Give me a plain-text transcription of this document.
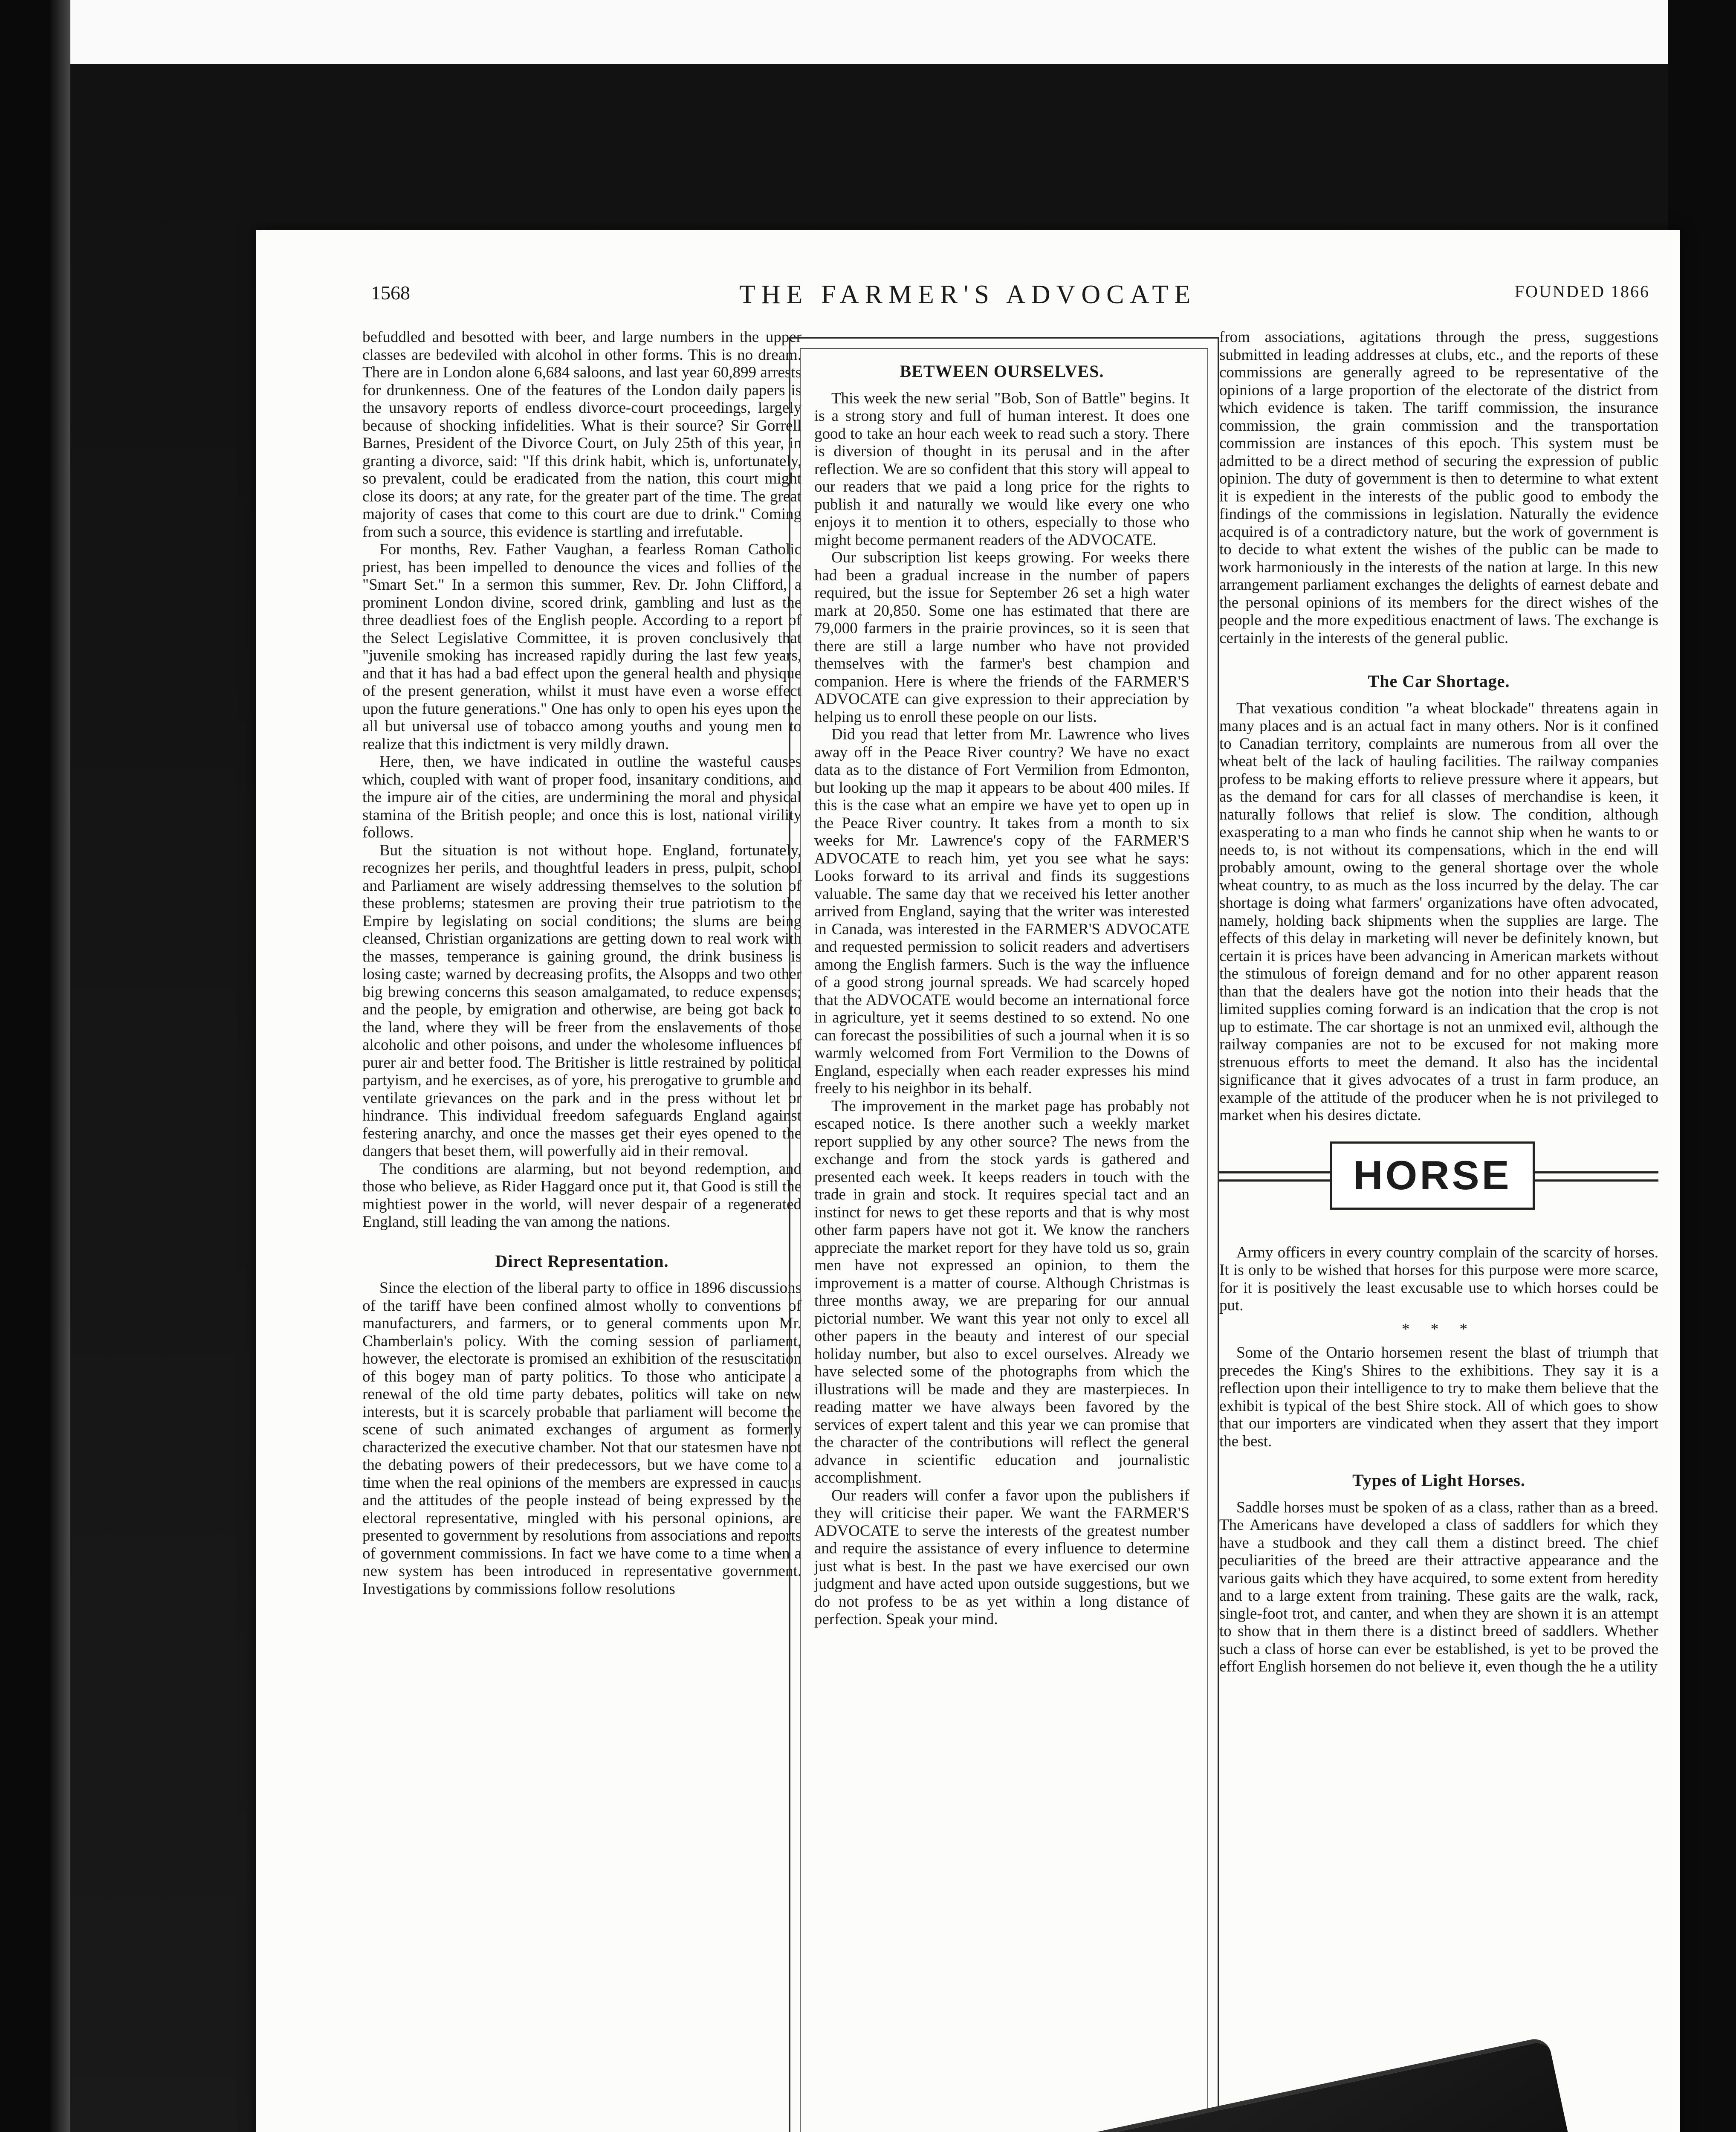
1568	THE FARMER'S ADVOCATE	FOUNDED 1866

befuddled and besotted with beer, and large numbers in the upper classes are bedeviled with alcohol in other forms. This is no dream. There are in London alone 6,684 saloons, and last year 60,899 arrests for drunkenness. One of the features of the London daily papers is the unsavory reports of endless divorce-court proceedings, largely because of shocking infidelities. What is their source? Sir Gorrell Barnes, President of the Divorce Court, on July 25th of this year, in granting a divorce, said: "If this drink habit, which is, unfortunately, so prevalent, could be eradicated from the nation, this court might close its doors; at any rate, for the greater part of the time. The great majority of cases that come to this court are due to drink." Coming from such a source, this evidence is startling and irrefutable.

For months, Rev. Father Vaughan, a fearless Roman Catholic priest, has been impelled to denounce the vices and follies of the "Smart Set." In a sermon this summer, Rev. Dr. John Clifford, a prominent London divine, scored drink, gambling and lust as the three deadliest foes of the English people. According to a report of the Select Legislative Committee, it is proven conclusively that "juvenile smoking has increased rapidly during the last few years, and that it has had a bad effect upon the general health and physique of the present generation, whilst it must have even a worse effect upon the future generations." One has only to open his eyes upon the all but universal use of tobacco among youths and young men to realize that this indictment is very mildly drawn.

Here, then, we have indicated in outline the wasteful causes which, coupled with want of proper food, insanitary conditions, and the impure air of the cities, are undermining the moral and physical stamina of the British people; and once this is lost, national virility follows.

But the situation is not without hope. England, fortunately, recognizes her perils, and thoughtful leaders in press, pulpit, school and Parliament are wisely addressing themselves to the solution of these problems; statesmen are proving their true patriotism to the Empire by legislating on social conditions; the slums are being cleansed, Christian organizations are getting down to real work with the masses, temperance is gaining ground, the drink business is losing caste; warned by decreasing profits, the Alsopps and two other big brewing concerns this season amalgamated, to reduce expenses; and the people, by emigration and otherwise, are being got back to the land, where they will be freer from the enslavements of those alcoholic and other poisons, and under the wholesome influences of purer air and better food. The Britisher is little restrained by political partyism, and he exercises, as of yore, his prerogative to grumble and ventilate grievances on the park and in the press without let or hindrance. This individual freedom safeguards England against festering anarchy, and once the masses get their eyes opened to the dangers that beset them, will powerfully aid in their removal.

The conditions are alarming, but not beyond redemption, and those who believe, as Rider Haggard once put it, that Good is still the mightiest power in the world, will never despair of a regenerated England, still leading the van among the nations.

Direct Representation.

Since the election of the liberal party to office in 1896 discussions of the tariff have been confined almost wholly to conventions of manufacturers, and farmers, or to general comments upon Mr. Chamberlain's policy. With the coming session of parliament, however, the electorate is promised an exhibition of the resuscitation of this bogey man of party politics. To those who anticipate a renewal of the old time party debates, politics will take on new interests, but it is scarcely probable that parliament will become the scene of such animated exchanges of argument as formerly characterized the executive chamber. Not that our statesmen have not the debating powers of their predecessors, but we have come to a time when the real opinions of the members are expressed in caucus and the attitudes of the people instead of being expressed by the electoral representative, mingled with his personal opinions, are presented to government by resolutions from associations and reports of government commissions. In fact we have come to a time when a new system has been introduced in representative government. Investigations by commissions follow resolutions

BETWEEN OURSELVES.

This week the new serial "Bob, Son of Battle" begins. It is a strong story and full of human interest. It does one good to take an hour each week to read such a story. There is diversion of thought in its perusal and in the after reflection. We are so confident that this story will appeal to our readers that we paid a long price for the rights to publish it and naturally we would like every one who enjoys it to mention it to others, especially to those who might become permanent readers of the ADVOCATE.

Our subscription list keeps growing. For weeks there had been a gradual increase in the number of papers required, but the issue for September 26 set a high water mark at 20,850. Some one has estimated that there are 79,000 farmers in the prairie provinces, so it is seen that there are still a large number who have not provided themselves with the farmer's best champion and companion. Here is where the friends of the FARMER'S ADVOCATE can give expression to their appreciation by helping us to enroll these people on our lists.

Did you read that letter from Mr. Lawrence who lives away off in the Peace River country? We have no exact data as to the distance of Fort Vermilion from Edmonton, but looking up the map it appears to be about 400 miles. If this is the case what an empire we have yet to open up in the Peace River country. It takes from a month to six weeks for Mr. Lawrence's copy of the FARMER'S ADVOCATE to reach him, yet you see what he says: Looks forward to its arrival and finds its suggestions valuable. The same day that we received his letter another arrived from England, saying that the writer was interested in Canada, was interested in the FARMER'S ADVOCATE and requested permission to solicit readers and advertisers among the English farmers. Such is the way the influence of a good strong journal spreads. We had scarcely hoped that the ADVOCATE would become an international force in agriculture, yet it seems destined to so extend. No one can forecast the possibilities of such a journal when it is so warmly welcomed from Fort Vermilion to the Downs of England, especially when each reader expresses his mind freely to his neighbor in its behalf.

The improvement in the market page has probably not escaped notice. Is there another such a weekly market report supplied by any other source? The news from the exchange and from the stock yards is gathered and presented each week. It keeps readers in touch with the trade in grain and stock. It requires special tact and an instinct for news to get these reports and that is why most other farm papers have not got it. We know the ranchers appreciate the market report for they have told us so, grain men have not expressed an opinion, to them the improvement is a matter of course. Although Christmas is three months away, we are preparing for our annual pictorial number. We want this year not only to excel all other papers in the beauty and interest of our special holiday number, but also to excel ourselves. Already we have selected some of the photographs from which the illustrations will be made and they are masterpieces. In reading matter we have always been favored by the services of expert talent and this year we can promise that the character of the contributions will reflect the general advance in scientific education and journalistic accomplishment.

Our readers will confer a favor upon the publishers if they will criticise their paper. We want the FARMER'S ADVOCATE to serve the interests of the greatest number and require the assistance of every influence to determine just what is best. In the past we have exercised our own judgment and have acted upon outside suggestions, but we do not profess to be as yet within a long distance of perfection. Speak your mind.

from associations, agitations through the press, suggestions submitted in leading addresses at clubs, etc., and the reports of these commissions are generally agreed to be representative of the opinions of a large proportion of the electorate of the district from which evidence is taken. The tariff commission, the insurance commission, the grain commission and the transportation commission are instances of this epoch. This system must be admitted to be a direct method of securing the expression of public opinion. The duty of government is then to determine to what extent it is expedient in the interests of the public good to embody the findings of the commissions in legislation. Naturally the evidence acquired is of a contradictory nature, but the work of government is to decide to what extent the wishes of the public can be made to work harmoniously in the interests of the nation at large. In this new arrangement parliament exchanges the delights of earnest debate and the personal opinions of its members for the direct wishes of the people and the more expeditious enactment of laws. The exchange is certainly in the interests of the general public.

The Car Shortage.

That vexatious condition "a wheat blockade" threatens again in many places and is an actual fact in many others. Nor is it confined to Canadian territory, complaints are numerous from all over the wheat belt of the lack of hauling facilities. The railway companies profess to be making efforts to relieve pressure where it appears, but as the demand for cars for all classes of merchandise is keen, it naturally follows that relief is slow. The condition, although exasperating to a man who finds he cannot ship when he wants to or needs to, is not without its compensations, which in the end will probably amount, owing to the general shortage over the whole wheat country, to as much as the loss incurred by the delay. The car shortage is doing what farmers' organizations have often advocated, namely, holding back shipments when the supplies are large. The effects of this delay in marketing will never be definitely known, but certain it is prices have been advancing in American markets without the stimulous of foreign demand and for no other apparent reason than that the dealers have got the notion into their heads that the limited supplies coming forward is an indication that the crop is not up to estimate. The car shortage is not an unmixed evil, although the railway companies are not to be excused for not making more strenuous efforts to meet the demand. It also has the incidental significance that it gives advocates of a trust in farm produce, an example of the attitude of the producer when he is not privileged to market when his desires dictate.

HORSE

Army officers in every country complain of the scarcity of horses. It is only to be wished that horses for this purpose were more scarce, for it is positively the least excusable use to which horses could be put.

* * *

Some of the Ontario horsemen resent the blast of triumph that precedes the King's Shires to the exhibitions. They say it is a reflection upon their intelligence to try to make them believe that the exhibit is typical of the best Shire stock. All of which goes to show that our importers are vindicated when they assert that they import the best.

Types of Light Horses.

Saddle horses must be spoken of as a class, rather than as a breed. The Americans have developed a class of saddlers for which they have a studbook and they call them a distinct breed. The chief peculiarities of the breed are their attractive appearance and the various gaits which they have acquired, to some extent from heredity and to a large extent from training. These gaits are the walk, rack, single-foot trot, and canter, and when they are shown it is an attempt to show that in them there is a distinct breed of saddlers. Whether such a class of horse can ever be established, is yet to be proved the effort English horsemen do not believe it, even though the he a utility
